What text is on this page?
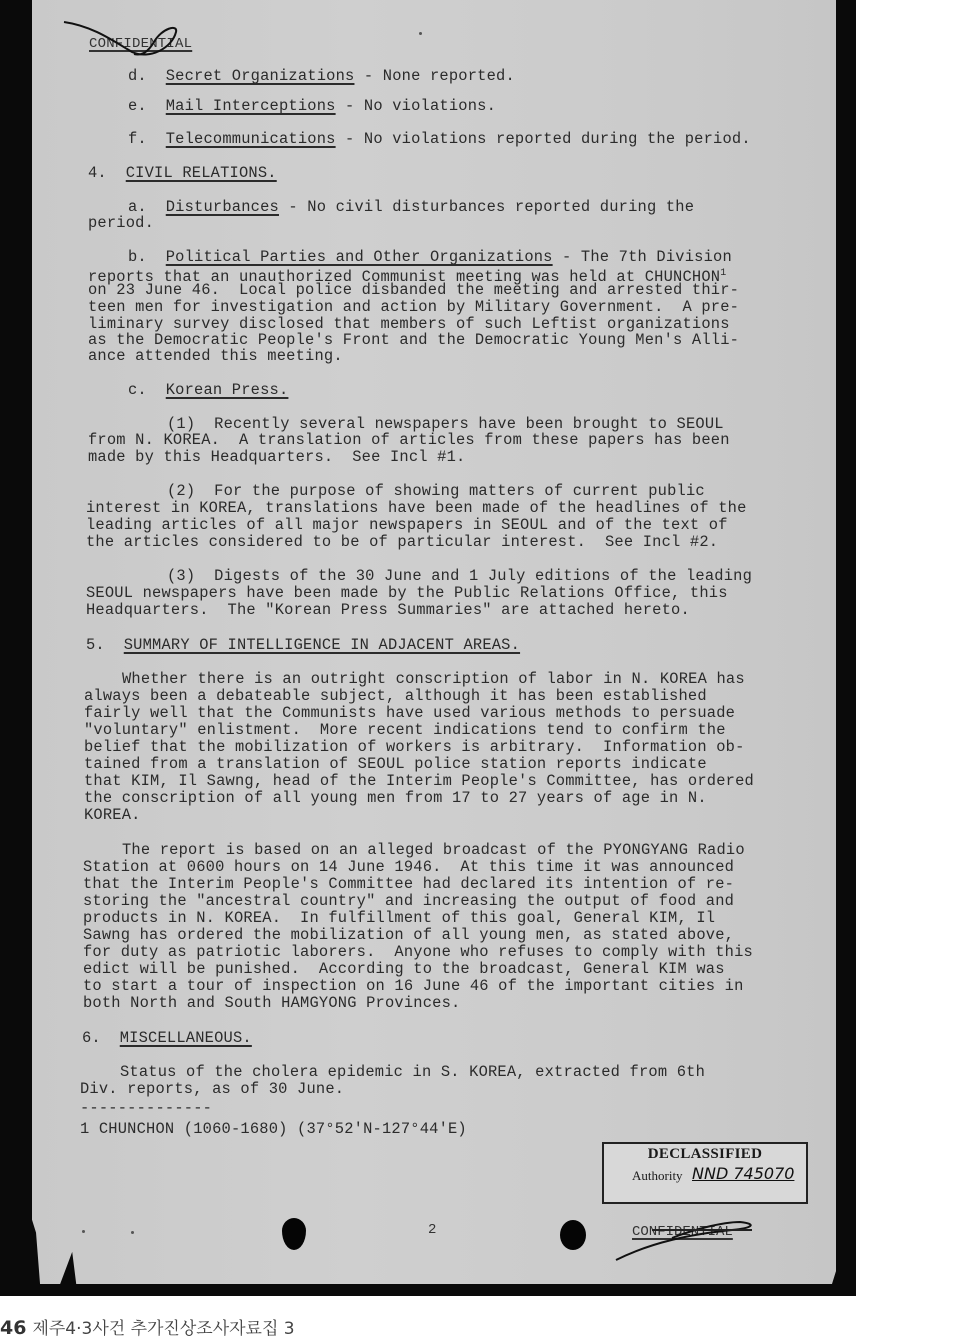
CONFIDENTIAL
d. Secret Organizations - None reported.
e. Mail Interceptions - No violations.
f. Telecommunications - No violations reported during the period.
4. CIVIL RELATIONS.
a. Disturbances - No civil disturbances reported during the
period.
b. Political Parties and Other Organizations - The 7th Division
reports that an unauthorized Communist meeting was held at CHUNCHON$^1$
on 23 June 46.  Local police disbanded the meeting and arrested thir-
teen men for investigation and action by Military Government.  A pre-
liminary survey disclosed that members of such Leftist organizations
as the Democratic People's Front and the Democratic Young Men's Alli-
ance attended this meeting.
c. Korean Press.
(1)  Recently several newspapers have been brought to SEOUL
from N. KOREA.  A translation of articles from these papers has been
made by this Headquarters.  See Incl #1.
(2)  For the purpose of showing matters of current public
interest in KOREA, translations have been made of the headlines of the
leading articles of all major newspapers in SEOUL and of the text of
the articles considered to be of particular interest.  See Incl #2.
(3)  Digests of the 30 June and 1 July editions of the leading
SEOUL newspapers have been made by the Public Relations Office, this
Headquarters.  The "Korean Press Summaries" are attached hereto.
5. SUMMARY OF INTELLIGENCE IN ADJACENT AREAS.
Whether there is an outright conscription of labor in N. KOREA has
always been a debateable subject, although it has been established
fairly well that the Communists have used various methods to persuade
"voluntary" enlistment.  More recent indications tend to confirm the
belief that the mobilization of workers is arbitrary.  Information ob-
tained from a translation of SEOUL police station reports indicate
that KIM, Il Sawng, head of the Interim People's Committee, has ordered
the conscription of all young men from 17 to 27 years of age in N.
KOREA.
The report is based on an alleged broadcast of the PYONGYANG Radio
Station at 0600 hours on 14 June 1946.  At this time it was announced
that the Interim People's Committee had declared its intention of re-
storing the "ancestral country" and increasing the output of food and
products in N. KOREA.  In fulfillment of this goal, General KIM, Il
Sawng has ordered the mobilization of all young men, as stated above,
for duty as patriotic laborers.  Anyone who refuses to comply with this
edict will be punished.  According to the broadcast, General KIM was
to start a tour of inspection on 16 June 46 of the important cities in
both North and South HAMGYONG Provinces.
6. MISCELLANEOUS.
Status of the cholera epidemic in S. KOREA, extracted from 6th
Div. reports, as of 30 June.
--------------
1 CHUNCHON (1060-1680) (37°52'N-127°44'E)
DECLASSIFIED
Authority NND 745070
2	CONFIDENTIAL
46 제주4·3사건 추가진상조사자료집 3
